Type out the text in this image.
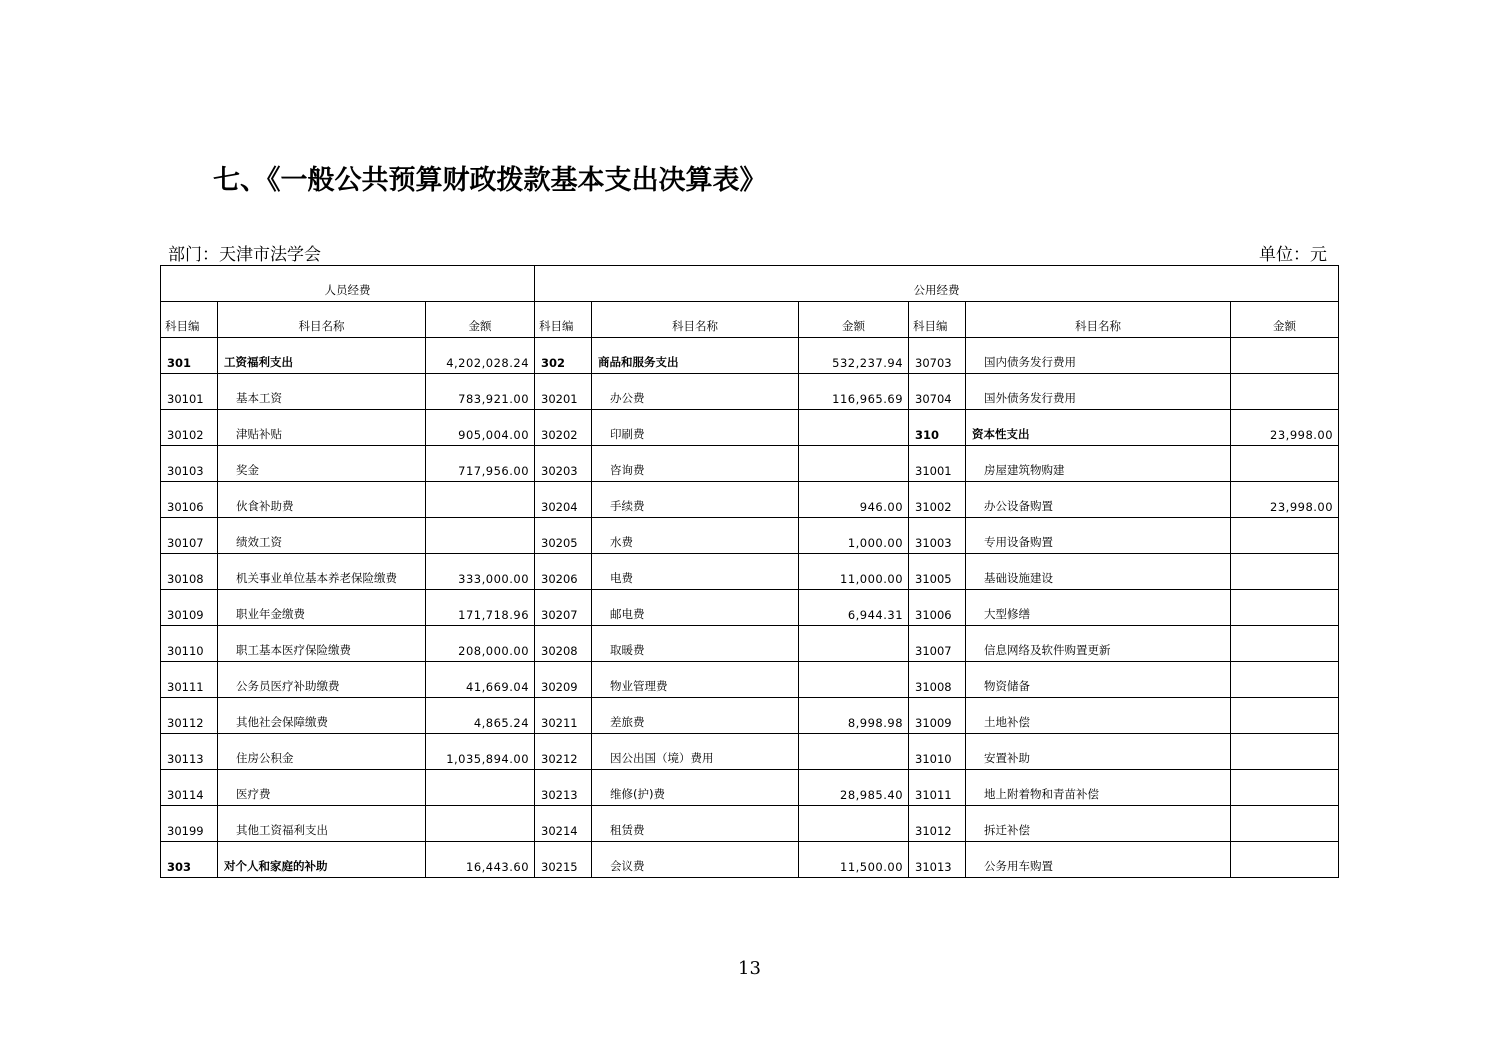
七、《一般公共预算财政拨款基本支出决算表》
部门：天津市法学会	单位：元
人员经费			公用经费					
科目编	科目名称	金额	科目编	科目名称	金额	科目编	科目名称	金额
301	工资福利支出	4,202,028.24	302	商品和服务支出	532,237.94	30703	国内债务发行费用	
30101	基本工资	783,921.00	30201	办公费	116,965.69	30704	国外债务发行费用	
30102	津贴补贴	905,004.00	30202	印刷费		310	资本性支出	23,998.00
30103	奖金	717,956.00	30203	咨询费		31001	房屋建筑物购建	
30106	伙食补助费		30204	手续费	946.00	31002	办公设备购置	23,998.00
30107	绩效工资		30205	水费	1,000.00	31003	专用设备购置	
30108	机关事业单位基本养老保险缴费	333,000.00	30206	电费	11,000.00	31005	基础设施建设	
30109	职业年金缴费	171,718.96	30207	邮电费	6,944.31	31006	大型修缮	
30110	职工基本医疗保险缴费	208,000.00	30208	取暖费		31007	信息网络及软件购置更新	
30111	公务员医疗补助缴费	41,669.04	30209	物业管理费		31008	物资储备	
30112	其他社会保障缴费	4,865.24	30211	差旅费	8,998.98	31009	土地补偿	
30113	住房公积金	1,035,894.00	30212	因公出国（境）费用		31010	安置补助	
30114	医疗费		30213	维修(护)费	28,985.40	31011	地上附着物和青苗补偿	
30199	其他工资福利支出		30214	租赁费		31012	拆迁补偿	
303	对个人和家庭的补助	16,443.60	30215	会议费	11,500.00	31013	公务用车购置	
13
